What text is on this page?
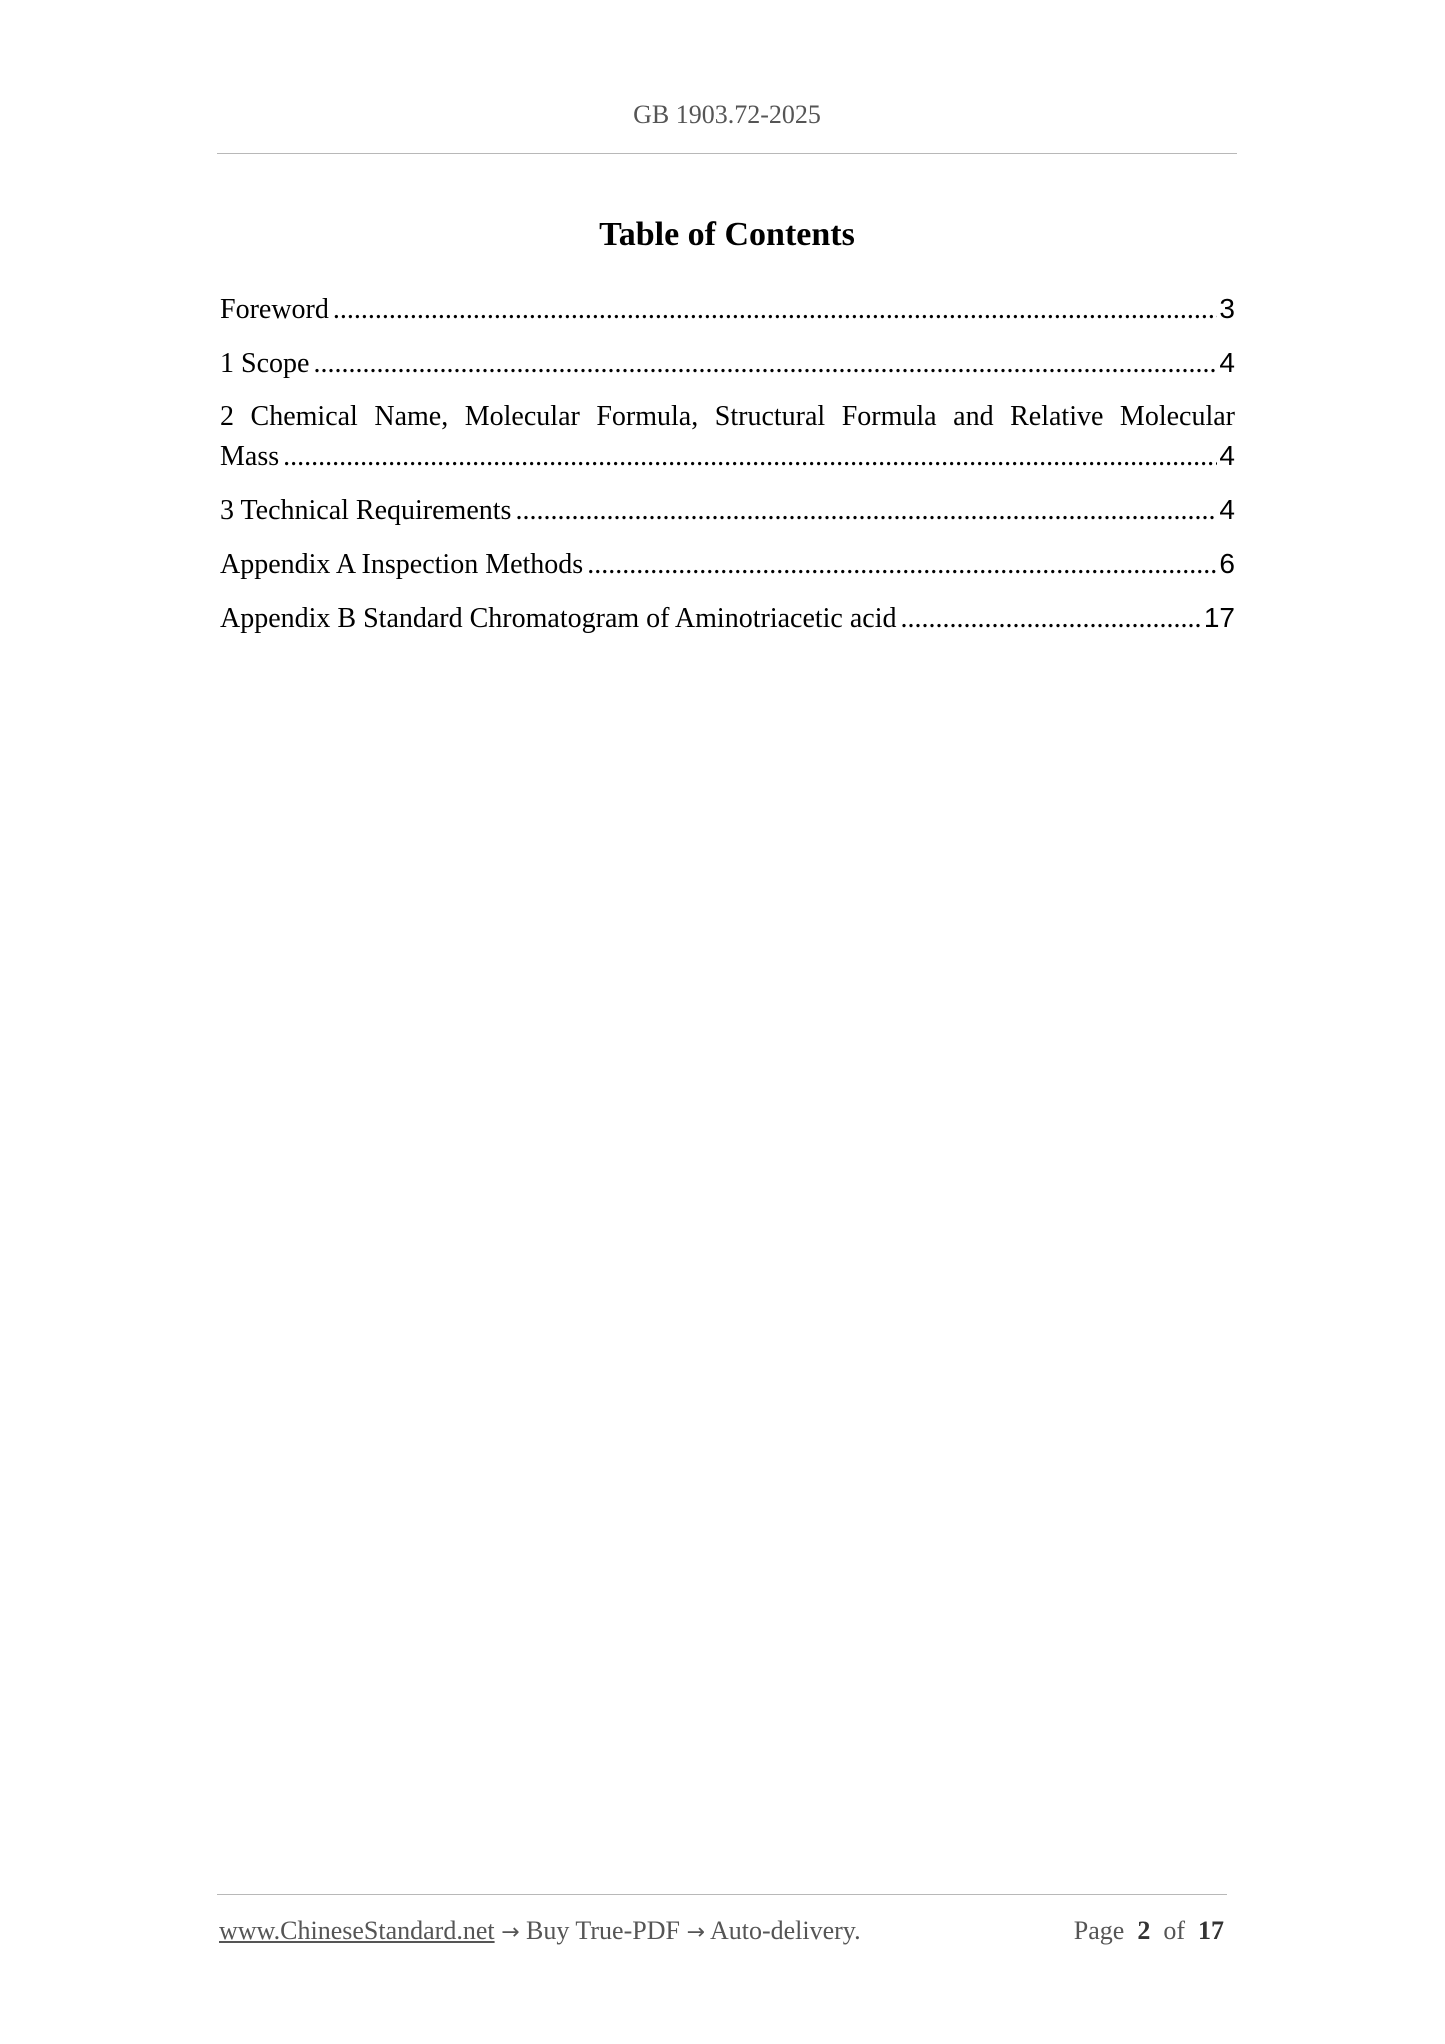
GB 1903.72-2025
Table of Contents
Foreword .....	3
1 Scope .....	4
2 Chemical Name, Molecular Formula, Structural Formula and Relative Molecular
Mass .....	4
3 Technical Requirements .....	4
Appendix A Inspection Methods .....	6
Appendix B Standard Chromatogram of Aminotriacetic acid .....	17
www.ChineseStandard.net → Buy True-PDF → Auto-delivery.	Page 2 of 17
